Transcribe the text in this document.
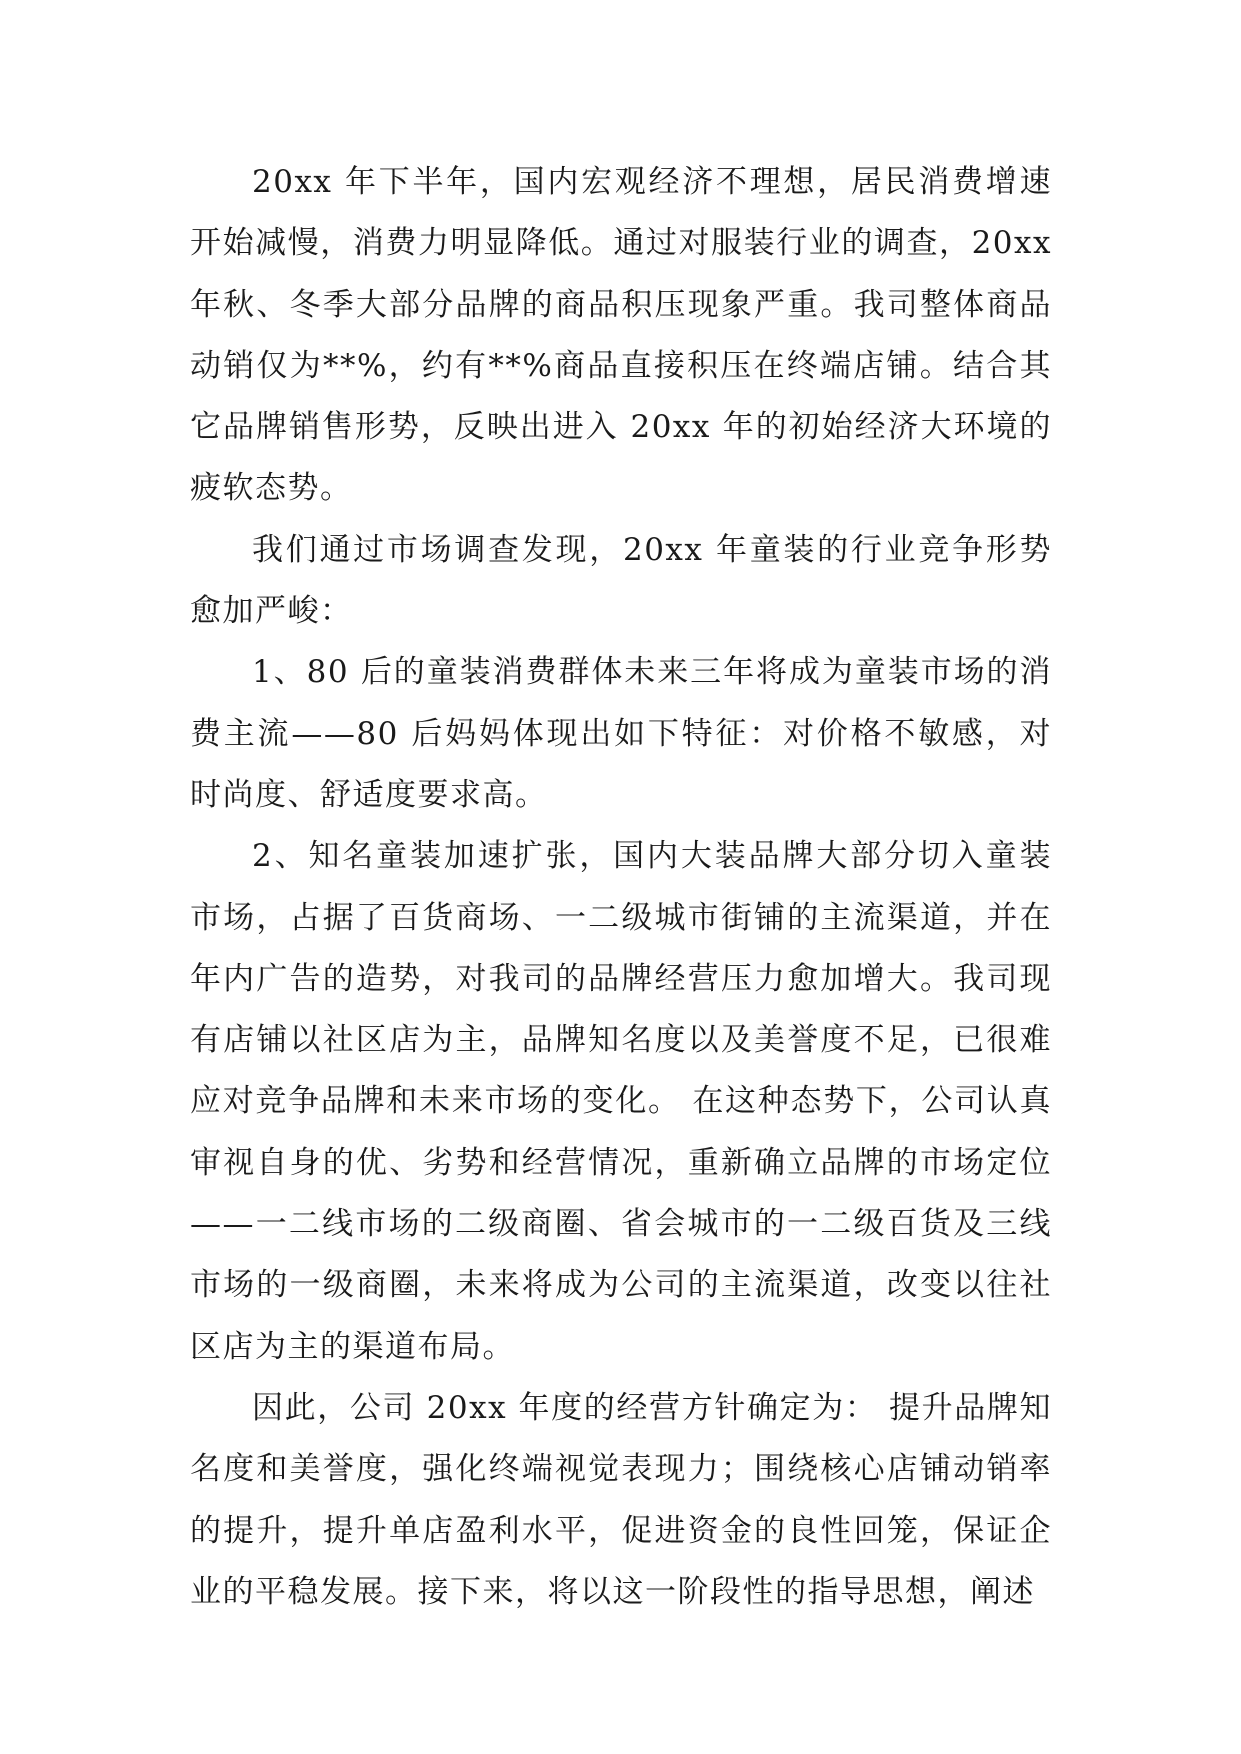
20xx 年下半年，国内宏观经济不理想，居民消费增速开始减慢，消费力明显降低。通过对服装行业的调查，20xx 年秋、冬季大部分品牌的商品积压现象严重。我司整体商品动销仅为**%，约有**%商品直接积压在终端店铺。结合其它品牌销售形势，反映出进入 20xx 年的初始经济大环境的疲软态势。

我们通过市场调查发现，20xx 年童装的行业竞争形势愈加严峻：

1、80 后的童装消费群体未来三年将成为童装市场的消费主流——80 后妈妈体现出如下特征：对价格不敏感，对时尚度、舒适度要求高。

2、知名童装加速扩张，国内大装品牌大部分切入童装市场，占据了百货商场、一二级城市街铺的主流渠道，并在年内广告的造势，对我司的品牌经营压力愈加增大。我司现有店铺以社区店为主，品牌知名度以及美誉度不足，已很难应对竞争品牌和未来市场的变化。 在这种态势下，公司认真审视自身的优、劣势和经营情况，重新确立品牌的市场定位——一二线市场的二级商圈、省会城市的一二级百货及三线市场的一级商圈，未来将成为公司的主流渠道，改变以往社区店为主的渠道布局。

因此，公司 20xx 年度的经营方针确定为： 提升品牌知名度和美誉度，强化终端视觉表现力；围绕核心店铺动销率的提升，提升单店盈利水平，促进资金的良性回笼，保证企业的平稳发展。接下来，将以这一阶段性的指导思想，阐述
